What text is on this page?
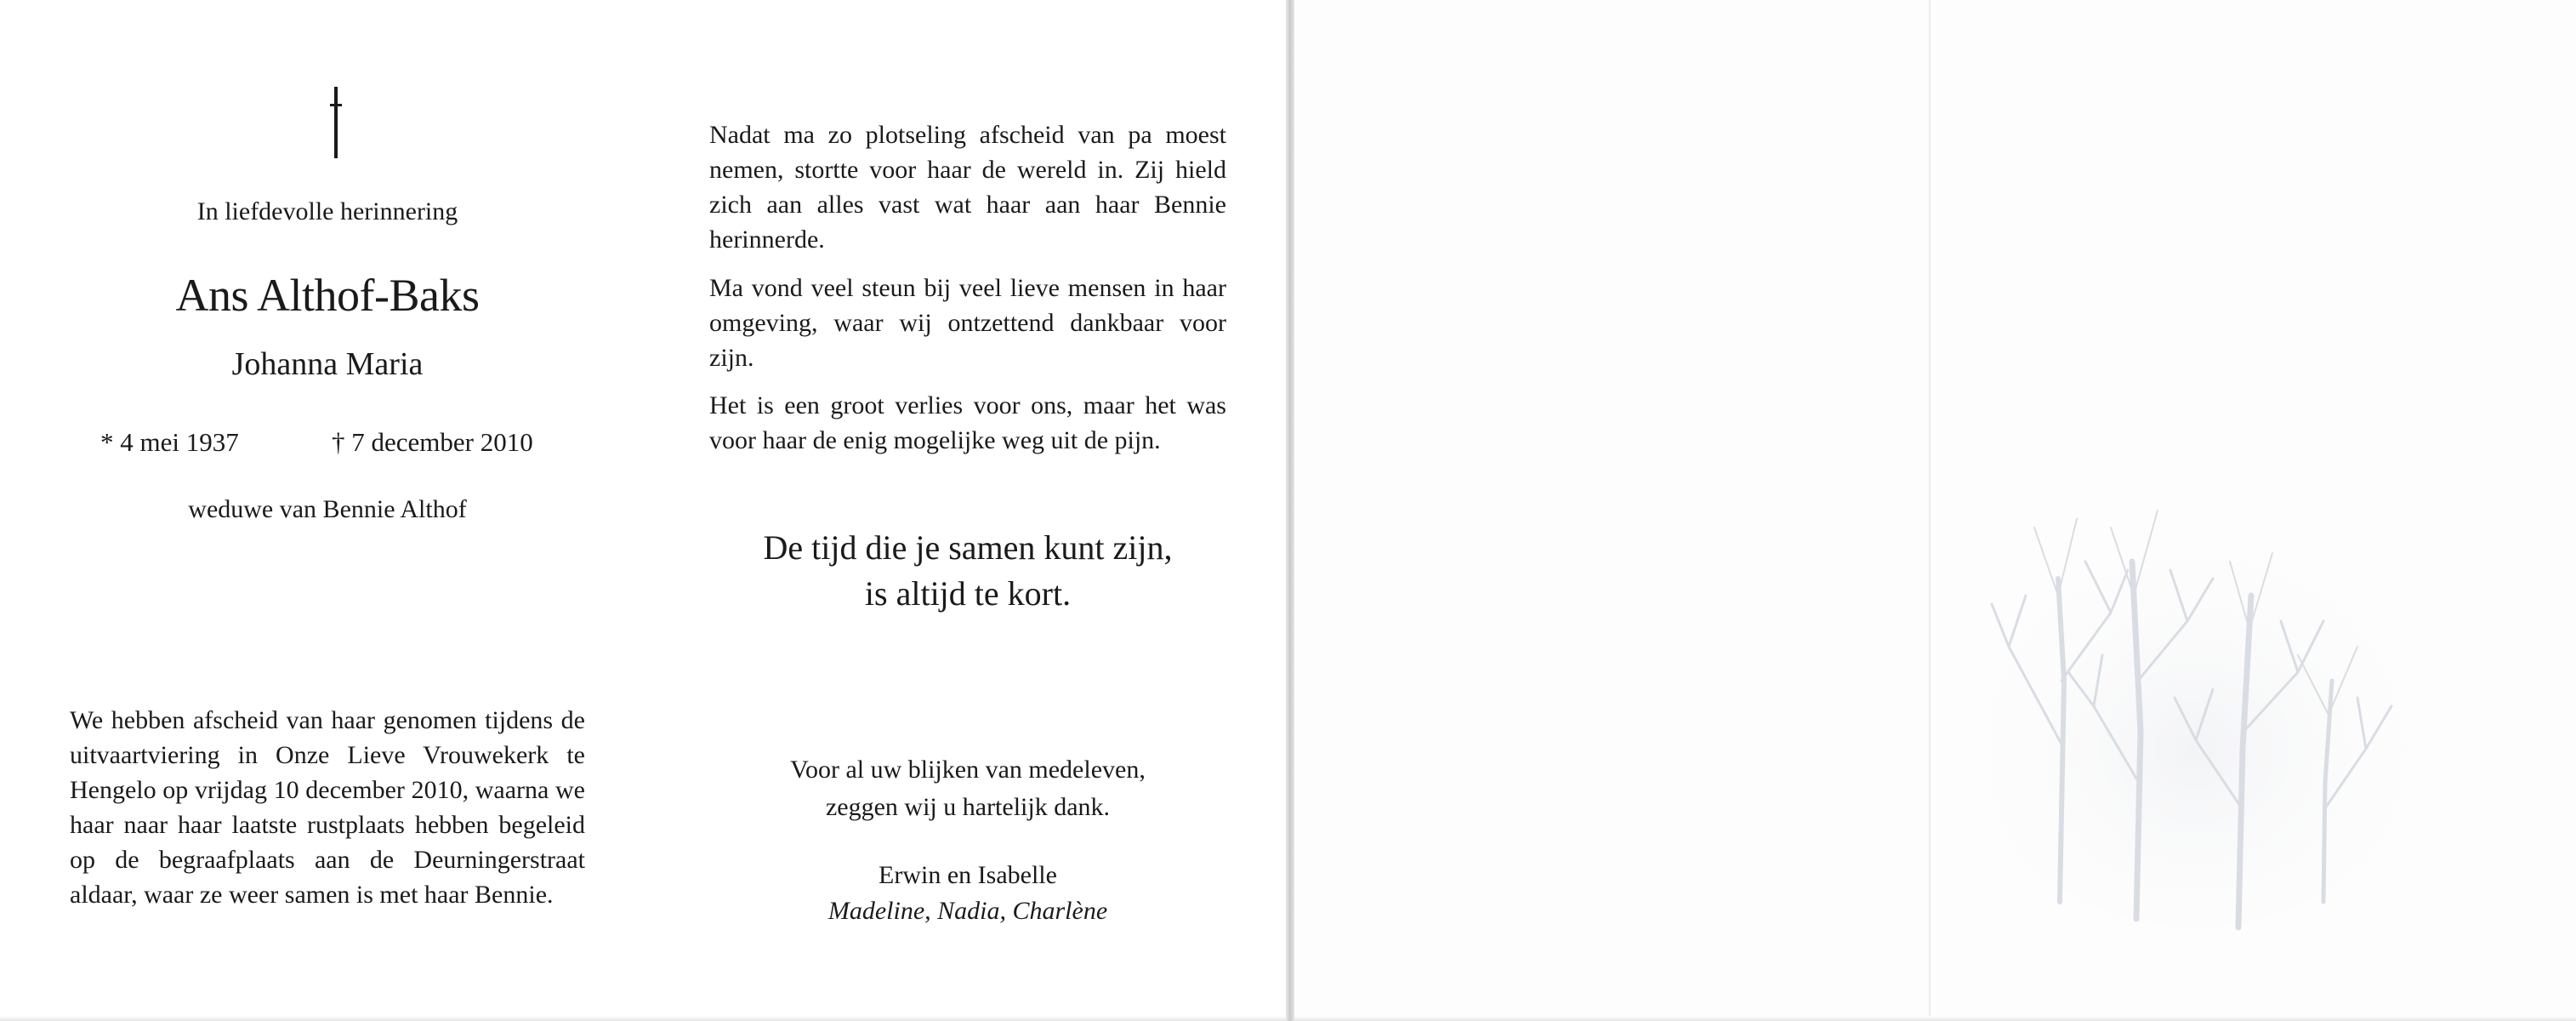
In liefdevolle herinnering
Ans Althof-Baks
Johanna Maria
* 4 mei 1937	† 7 december 2010
weduwe van Bennie Althof
We hebben afscheid van haar genomen tijdens de uitvaartviering in Onze Lieve Vrouwekerk te Hengelo op vrijdag 10 december 2010, waarna we haar naar haar laatste rustplaats hebben begeleid op de begraafplaats aan de Deurningerstraat aldaar, waar ze weer samen is met haar Bennie.
Nadat ma zo plotseling afscheid van pa moest nemen, stortte voor haar de wereld in. Zij hield zich aan alles vast wat haar aan haar Bennie herinnerde.
Ma vond veel steun bij veel lieve mensen in haar omgeving, waar wij ontzettend dankbaar voor zijn.
Het is een groot verlies voor ons, maar het was voor haar de enig mogelijke weg uit de pijn.
De tijd die je samen kunt zijn,
is altijd te kort.
Voor al uw blijken van medeleven,
zeggen wij u hartelijk dank.
Erwin en Isabelle
Madeline, Nadia, Charlène
